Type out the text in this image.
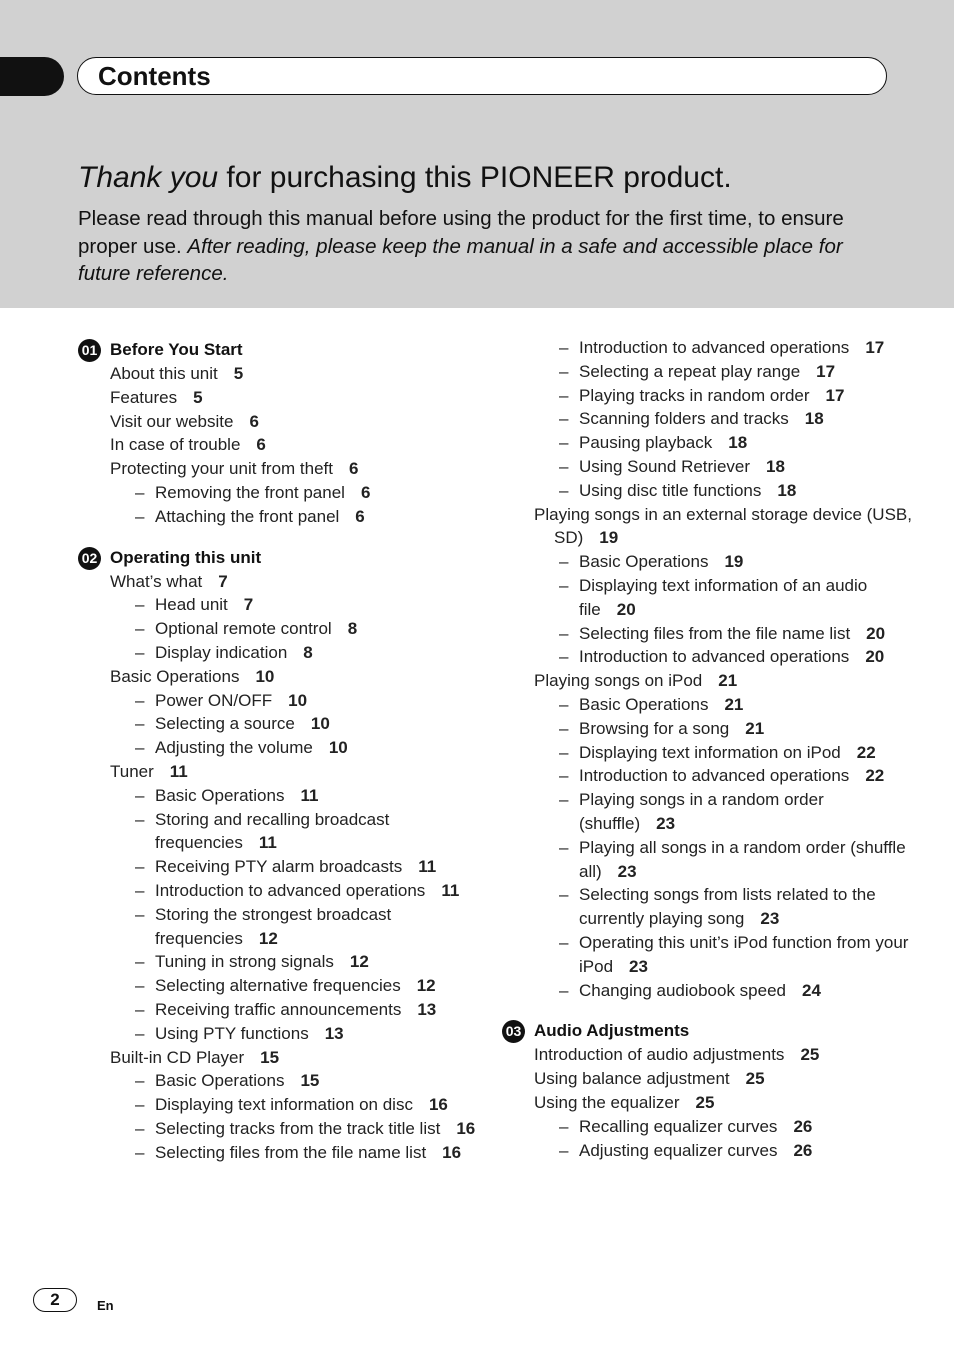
Contents
Thank you for purchasing this PIONEER product.
Please read through this manual before using the product for the first time, to ensure proper use. After reading, please keep the manual in a safe and accessible place for future reference.
01 Before You Start
About this unit 5
Features 5
Visit our website 6
In case of trouble 6
Protecting your unit from theft 6
– Removing the front panel 6
– Attaching the front panel 6
02 Operating this unit
What’s what 7
– Head unit 7
– Optional remote control 8
– Display indication 8
Basic Operations 10
– Power ON/OFF 10
– Selecting a source 10
– Adjusting the volume 10
Tuner 11
– Basic Operations 11
– Storing and recalling broadcast frequencies 11
– Receiving PTY alarm broadcasts 11
– Introduction to advanced operations 11
– Storing the strongest broadcast frequencies 12
– Tuning in strong signals 12
– Selecting alternative frequencies 12
– Receiving traffic announcements 13
– Using PTY functions 13
Built-in CD Player 15
– Basic Operations 15
– Displaying text information on disc 16
– Selecting tracks from the track title list 16
– Selecting files from the file name list 16
– Introduction to advanced operations 17
– Selecting a repeat play range 17
– Playing tracks in random order 17
– Scanning folders and tracks 18
– Pausing playback 18
– Using Sound Retriever 18
– Using disc title functions 18
Playing songs in an external storage device (USB, SD) 19
– Basic Operations 19
– Displaying text information of an audio file 20
– Selecting files from the file name list 20
– Introduction to advanced operations 20
Playing songs on iPod 21
– Basic Operations 21
– Browsing for a song 21
– Displaying text information on iPod 22
– Introduction to advanced operations 22
– Playing songs in a random order (shuffle) 23
– Playing all songs in a random order (shuffle all) 23
– Selecting songs from lists related to the currently playing song 23
– Operating this unit’s iPod function from your iPod 23
– Changing audiobook speed 24
03 Audio Adjustments
Introduction of audio adjustments 25
Using balance adjustment 25
Using the equalizer 25
– Recalling equalizer curves 26
– Adjusting equalizer curves 26
2	En
